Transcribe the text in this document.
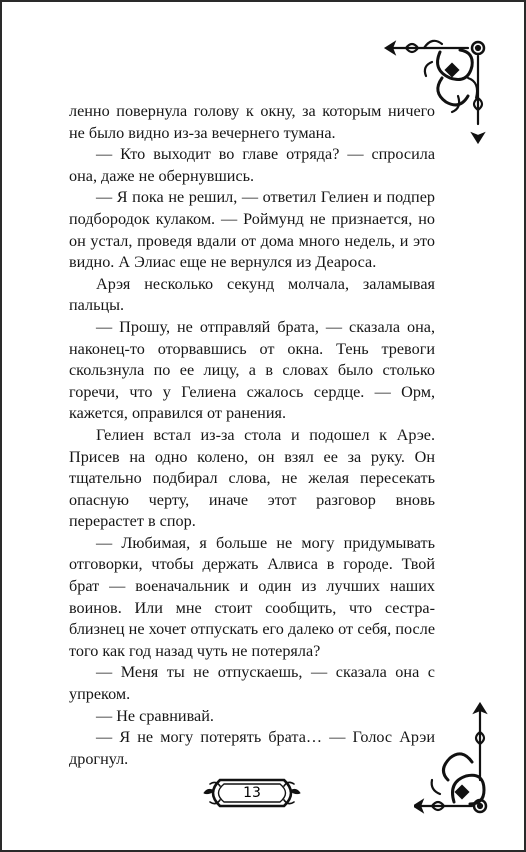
ленно повернула голову к окну, за которым ничего не было видно из-за вечернего тумана.

— Кто выходит во главе отряда? — спросила она, даже не обернувшись.

— Я пока не решил, — ответил Гелиен и подпер подбородок кулаком. — Роймунд не признается, но он устал, проведя вдали от дома много недель, и это видно. А Элиас еще не вернулся из Деароса.

Арэя несколько секунд молчала, заламывая пальцы.

— Прошу, не отправляй брата, — сказала она, наконец-то оторвавшись от окна. Тень тревоги скользнула по ее лицу, а в словах было столько горечи, что у Гелиена сжалось сердце. — Орм, кажется, оправился от ранения.

Гелиен встал из-за стола и подошел к Арэе. Присев на одно колено, он взял ее за руку. Он тщательно подбирал слова, не желая пересекать опасную черту, иначе этот разговор вновь перерастет в спор.

— Любимая, я больше не могу придумывать отговорки, чтобы держать Алвиса в городе. Твой брат — военачальник и один из лучших наших воинов. Или мне стоит сообщить, что сестра-близнец не хочет отпускать его далеко от себя, после того как год назад чуть не потеряла?

— Меня ты не отпускаешь, — сказала она с упреком.

— Не сравнивай.

— Я не могу потерять брата… — Голос Арэи дрогнул.

13
